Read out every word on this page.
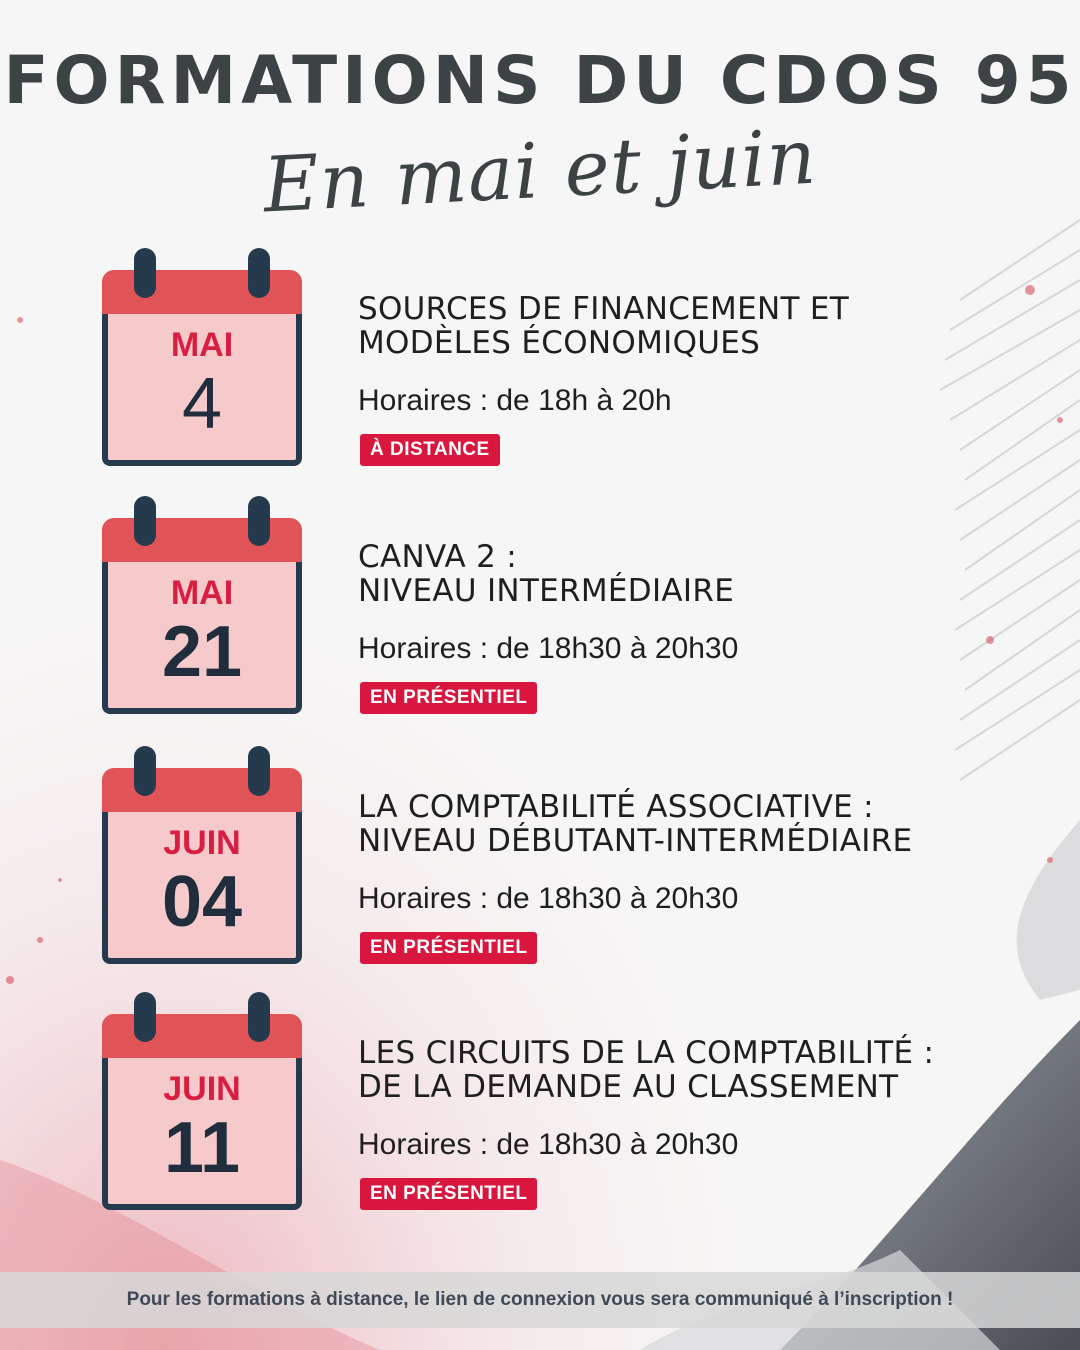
FORMATIONS DU CDOS 95
En mai et juin
MAI
4
SOURCES DE FINANCEMENT ET
MODÈLES ÉCONOMIQUES
Horaires : de 18h à 20h
À DISTANCE
MAI
21
CANVA 2 :
NIVEAU INTERMÉDIAIRE
Horaires : de 18h30 à 20h30
EN PRÉSENTIEL
JUIN
04
LA COMPTABILITÉ ASSOCIATIVE :
NIVEAU DÉBUTANT-INTERMÉDIAIRE
Horaires : de 18h30 à 20h30
EN PRÉSENTIEL
JUIN
11
LES CIRCUITS DE LA COMPTABILITÉ :
DE LA DEMANDE AU CLASSEMENT
Horaires : de 18h30 à 20h30
EN PRÉSENTIEL
Pour les formations à distance, le lien de connexion vous sera communiqué à l’inscription !
